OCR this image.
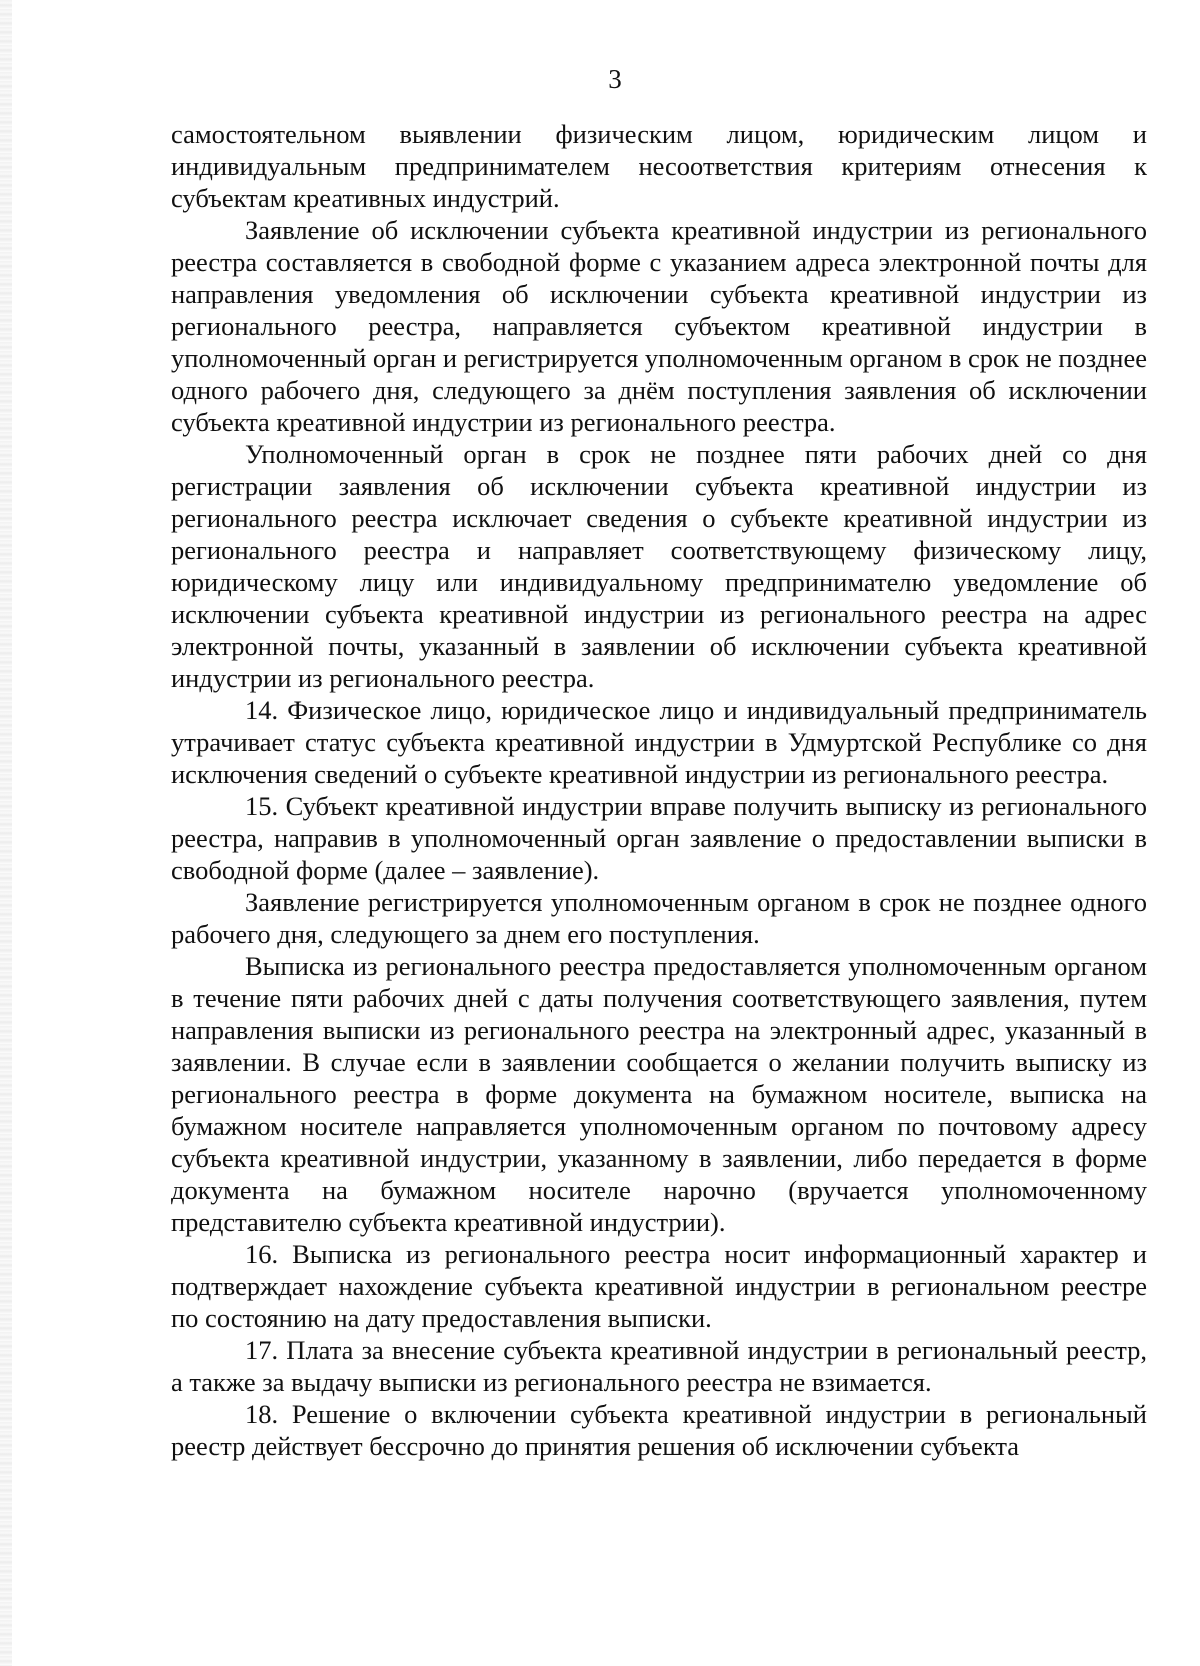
3

самостоятельном выявлении физическим лицом, юридическим лицом и индивидуальным предпринимателем несоответствия критериям отнесения к субъектам креативных индустрий.

Заявление об исключении субъекта креативной индустрии из регионального реестра составляется в свободной форме с указанием адреса электронной почты для направления уведомления об исключении субъекта креативной индустрии из регионального реестра, направляется субъектом креативной индустрии в уполномоченный орган и регистрируется уполномоченным органом в срок не позднее одного рабочего дня, следующего за днём поступления заявления об исключении субъекта креативной индустрии из регионального реестра.

Уполномоченный орган в срок не позднее пяти рабочих дней со дня регистрации заявления об исключении субъекта креативной индустрии из регионального реестра исключает сведения о субъекте креативной индустрии из регионального реестра и направляет соответствующему физическому лицу, юридическому лицу или индивидуальному предпринимателю уведомление об исключении субъекта креативной индустрии из регионального реестра на адрес электронной почты, указанный в заявлении об исключении субъекта креативной индустрии из регионального реестра.

14. Физическое лицо, юридическое лицо и индивидуальный предприниматель утрачивает статус субъекта креативной индустрии в Удмуртской Республике со дня исключения сведений о субъекте креативной индустрии из регионального реестра.

15. Субъект креативной индустрии вправе получить выписку из регионального реестра, направив в уполномоченный орган заявление о предоставлении выписки в свободной форме (далее – заявление).

Заявление регистрируется уполномоченным органом в срок не позднее одного рабочего дня, следующего за днем его поступления.

Выписка из регионального реестра предоставляется уполномоченным органом в течение пяти рабочих дней с даты получения соответствующего заявления, путем направления выписки из регионального реестра на электронный адрес, указанный в заявлении. В случае если в заявлении сообщается о желании получить выписку из регионального реестра в форме документа на бумажном носителе, выписка на бумажном носителе направляется уполномоченным органом по почтовому адресу субъекта креативной индустрии, указанному в заявлении, либо передается в форме документа на бумажном носителе нарочно (вручается уполномоченному представителю субъекта креативной индустрии).

16. Выписка из регионального реестра носит информационный характер и подтверждает нахождение субъекта креативной индустрии в региональном реестре по состоянию на дату предоставления выписки.

17. Плата за внесение субъекта креативной индустрии в региональный реестр, а также за выдачу выписки из регионального реестра не взимается.

18. Решение о включении субъекта креативной индустрии в региональный реестр действует бессрочно до принятия решения об исключении субъекта
